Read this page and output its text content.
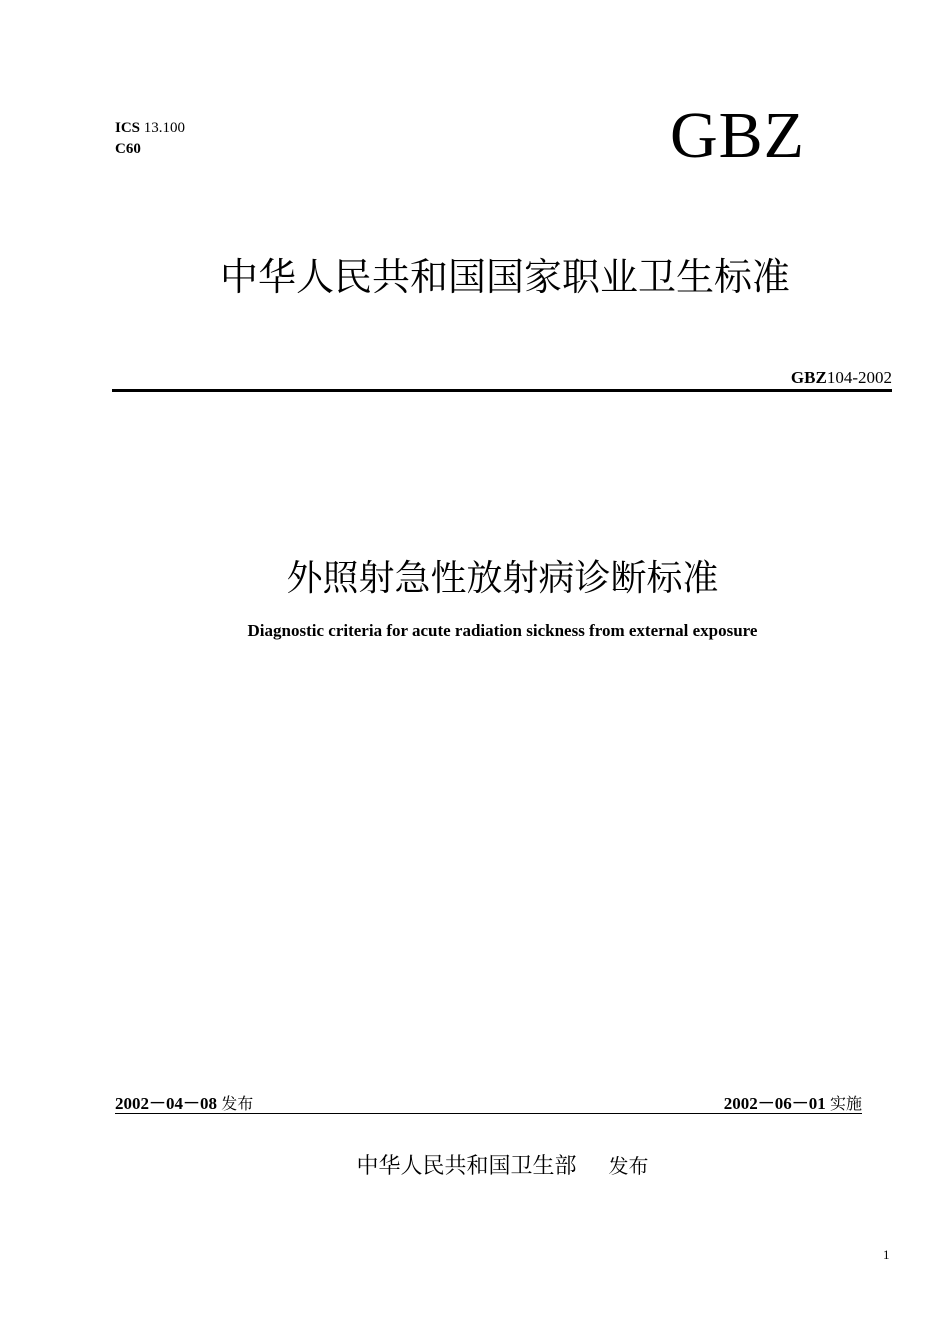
ICS 13.100
C60	GBZ
中华人民共和国国家职业卫生标准
GBZ104-2002
外照射急性放射病诊断标准
Diagnostic criteria for acute radiation sickness from external exposure
2002－04－08 发布	2002－06－01 实施
中华人民共和国卫生部 发布
1
